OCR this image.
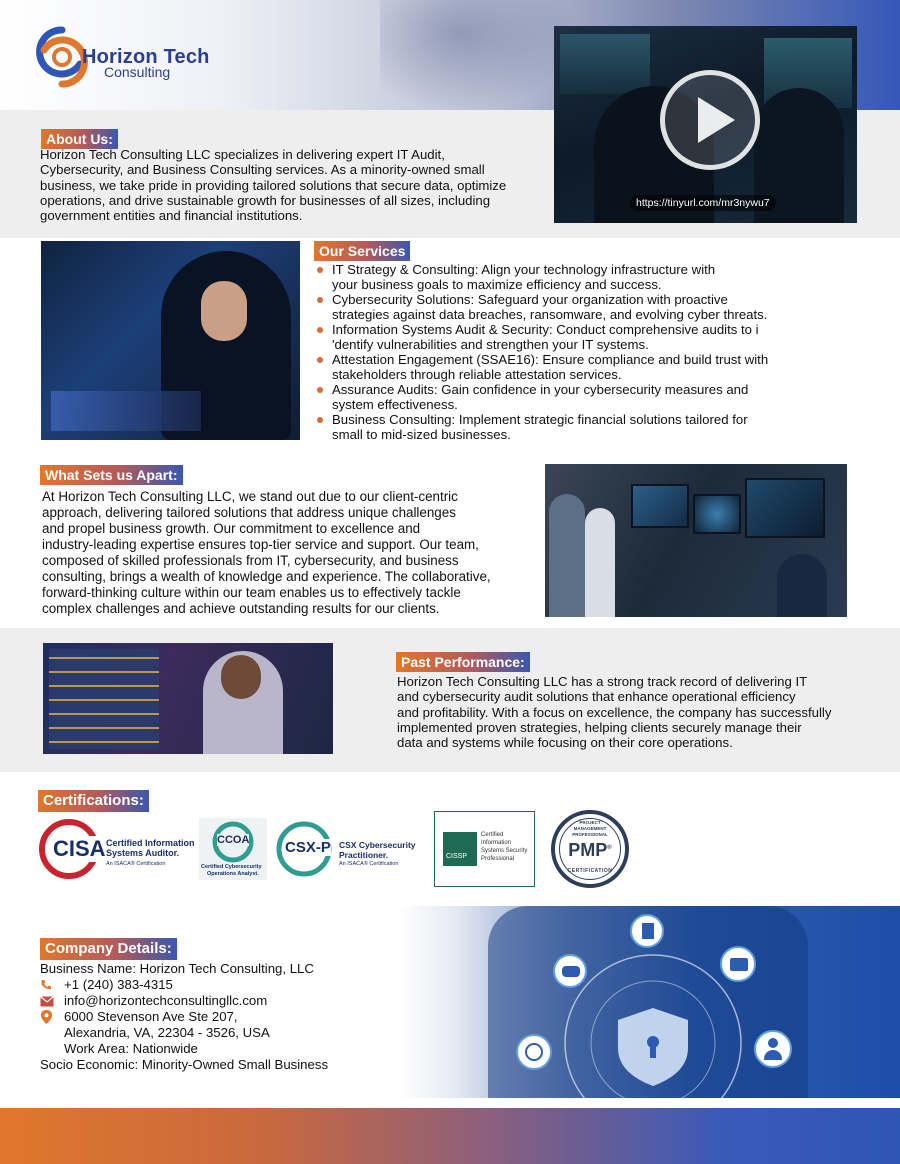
Horizon Tech
Consulting
https://tinyurl.com/mr3nywu7
About Us:
Horizon Tech Consulting LLC specializes in delivering expert IT Audit,
Cybersecurity, and Business Consulting services. As a minority-owned small
business, we take pride in providing tailored solutions that secure data, optimize
operations, and drive sustainable growth for businesses of all sizes, including
government entities and financial institutions.
Our Services
IT Strategy & Consulting: Align your technology infrastructure with
your business goals to maximize efficiency and success.
Cybersecurity Solutions: Safeguard your organization with proactive
strategies against data breaches, ransomware, and evolving cyber threats.
Information Systems Audit & Security: Conduct comprehensive audits to i
'dentify vulnerabilities and strengthen your IT systems.
Attestation Engagement (SSAE16): Ensure compliance and build trust with
stakeholders through reliable attestation services.
Assurance Audits: Gain confidence in your cybersecurity measures and
system effectiveness.
Business Consulting: Implement strategic financial solutions tailored for
small to mid-sized businesses.
What Sets us Apart:
At Horizon Tech Consulting LLC, we stand out due to our client-centric
approach, delivering tailored solutions that address unique challenges
and propel business growth. Our commitment to excellence and
industry-leading expertise ensures top-tier service and support. Our team,
composed of skilled professionals from IT, cybersecurity, and business
consulting, brings a wealth of knowledge and experience. The collaborative,
forward-thinking culture within our team enables us to effectively tackle
complex challenges and achieve outstanding results for our clients.
Past Performance:
Horizon Tech Consulting LLC has a strong track record of delivering IT
and cybersecurity audit solutions that enhance operational efficiency
and profitability. With a focus on excellence, the company has successfully
implemented proven strategies, helping clients securely manage their
data and systems while focusing on their core operations.
Certifications:
CISA Certified Information
Systems Auditor.
An ISACA® Certification
CCOA
Certified Cybersecurity
Operations Analyst.
CSX-P CSX Cybersecurity
Practitioner.
An ISACA® Certification
CISSP
Certified
Information
Systems Security
Professional
PROJECT
MANAGEMENT
PROFESSIONAL
PMP®
CERTIFICATION
Company Details:
Business Name: Horizon Tech Consulting, LLC
+1 (240) 383-4315
info@horizontechconsultingllc.com
6000 Stevenson Ave Ste 207,
Alexandria, VA, 22304 - 3526, USA
Work Area: Nationwide
Socio Economic: Minority-Owned Small Business
